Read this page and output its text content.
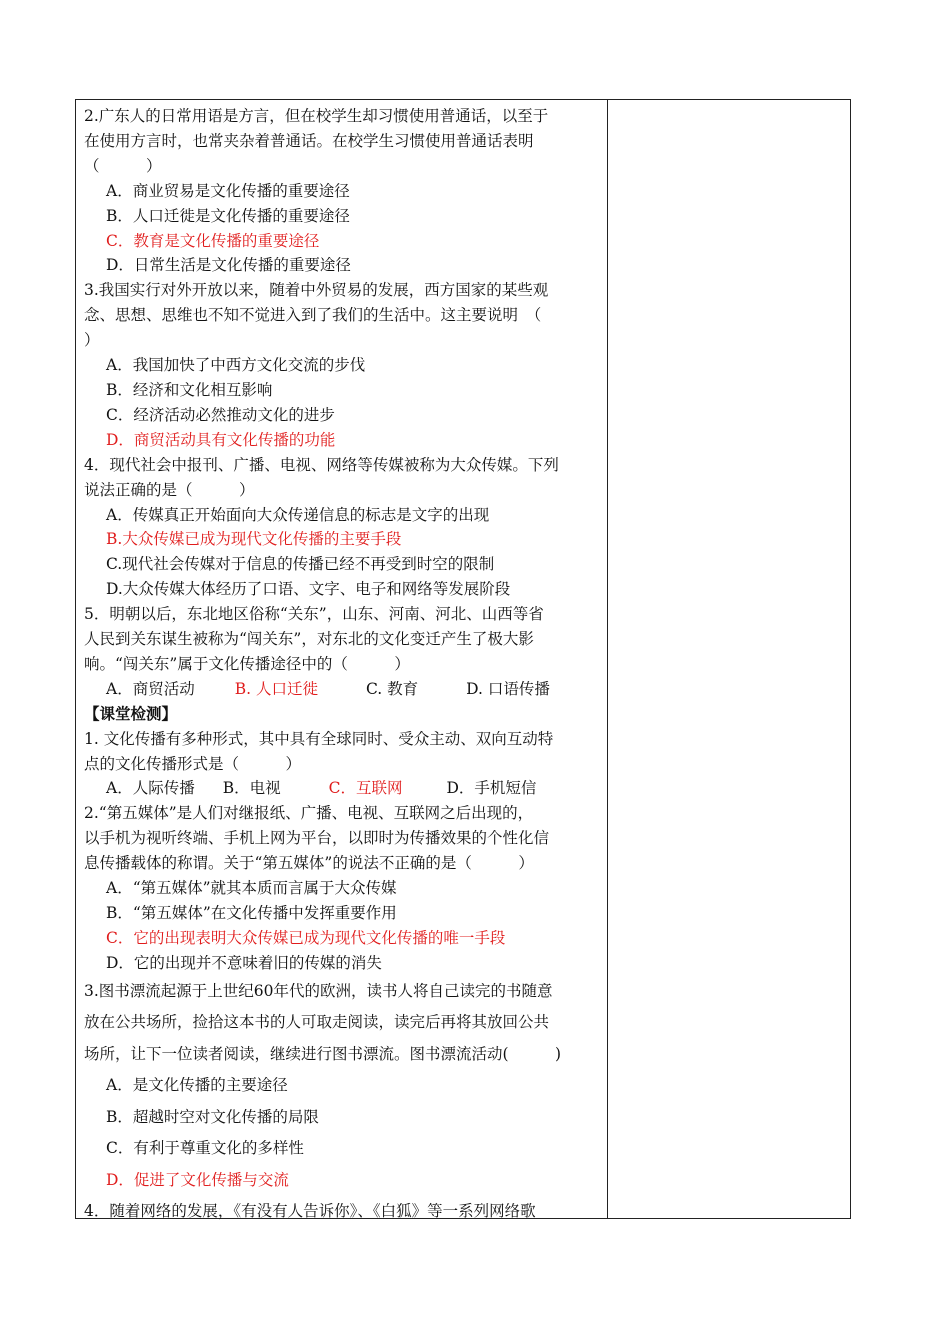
2.广东人的日常用语是方言，但在校学生却习惯使用普通话，以至于
在使用方言时，也常夹杂着普通话。在校学生习惯使用普通话表明
（　　　）
A．商业贸易是文化传播的重要途径
B．人口迁徙是文化传播的重要途径
C．教育是文化传播的重要途径
D．日常生活是文化传播的重要途径
3.我国实行对外开放以来，随着中外贸易的发展，西方国家的某些观
念、思想、思维也不知不觉进入到了我们的生活中。这主要说明　（
）
A．我国加快了中西方文化交流的步伐
B．经济和文化相互影响
C．经济活动必然推动文化的进步
D．商贸活动具有文化传播的功能
4．现代社会中报刊、广播、电视、网络等传媒被称为大众传媒。下列
说法正确的是（　　　）
A．传媒真正开始面向大众传递信息的标志是文字的出现
B.大众传媒已成为现代文化传播的主要手段
C.现代社会传媒对于信息的传播已经不再受到时空的限制
D.大众传媒大体经历了口语、文字、电子和网络等发展阶段
5．明朝以后，东北地区俗称“关东”，山东、河南、河北、山西等省
人民到关东谋生被称为“闯关东”，对东北的文化变迁产生了极大影
响。“闯关东”属于文化传播途径中的（　　　）
A．商贸活动	B. 人口迁徙	C. 教育	D. 口语传播
【课堂检测】
1. 文化传播有多种形式，其中具有全球同时、受众主动、双向互动特
点的文化传播形式是（　　　）
A．人际传播 B．电视	C．互联网	D．手机短信
2.“第五媒体”是人们对继报纸、广播、电视、互联网之后出现的，
以手机为视听终端、手机上网为平台，以即时为传播效果的个性化信
息传播载体的称谓。关于“第五媒体”的说法不正确的是（　　　）
A．“第五媒体”就其本质而言属于大众传媒
B．“第五媒体”在文化传播中发挥重要作用
C．它的出现表明大众传媒已成为现代文化传播的唯一手段
D．它的出现并不意味着旧的传媒的消失
3.图书漂流起源于上世纪60年代的欧洲，读书人将自己读完的书随意
放在公共场所，捡拾这本书的人可取走阅读，读完后再将其放回公共
场所，让下一位读者阅读，继续进行图书漂流。图书漂流活动(　　　)
A．是文化传播的主要途径
B．超越时空对文化传播的局限
C．有利于尊重文化的多样性
D．促进了文化传播与交流
4．随着网络的发展，《有没有人告诉你》、《白狐》等一系列网络歌
